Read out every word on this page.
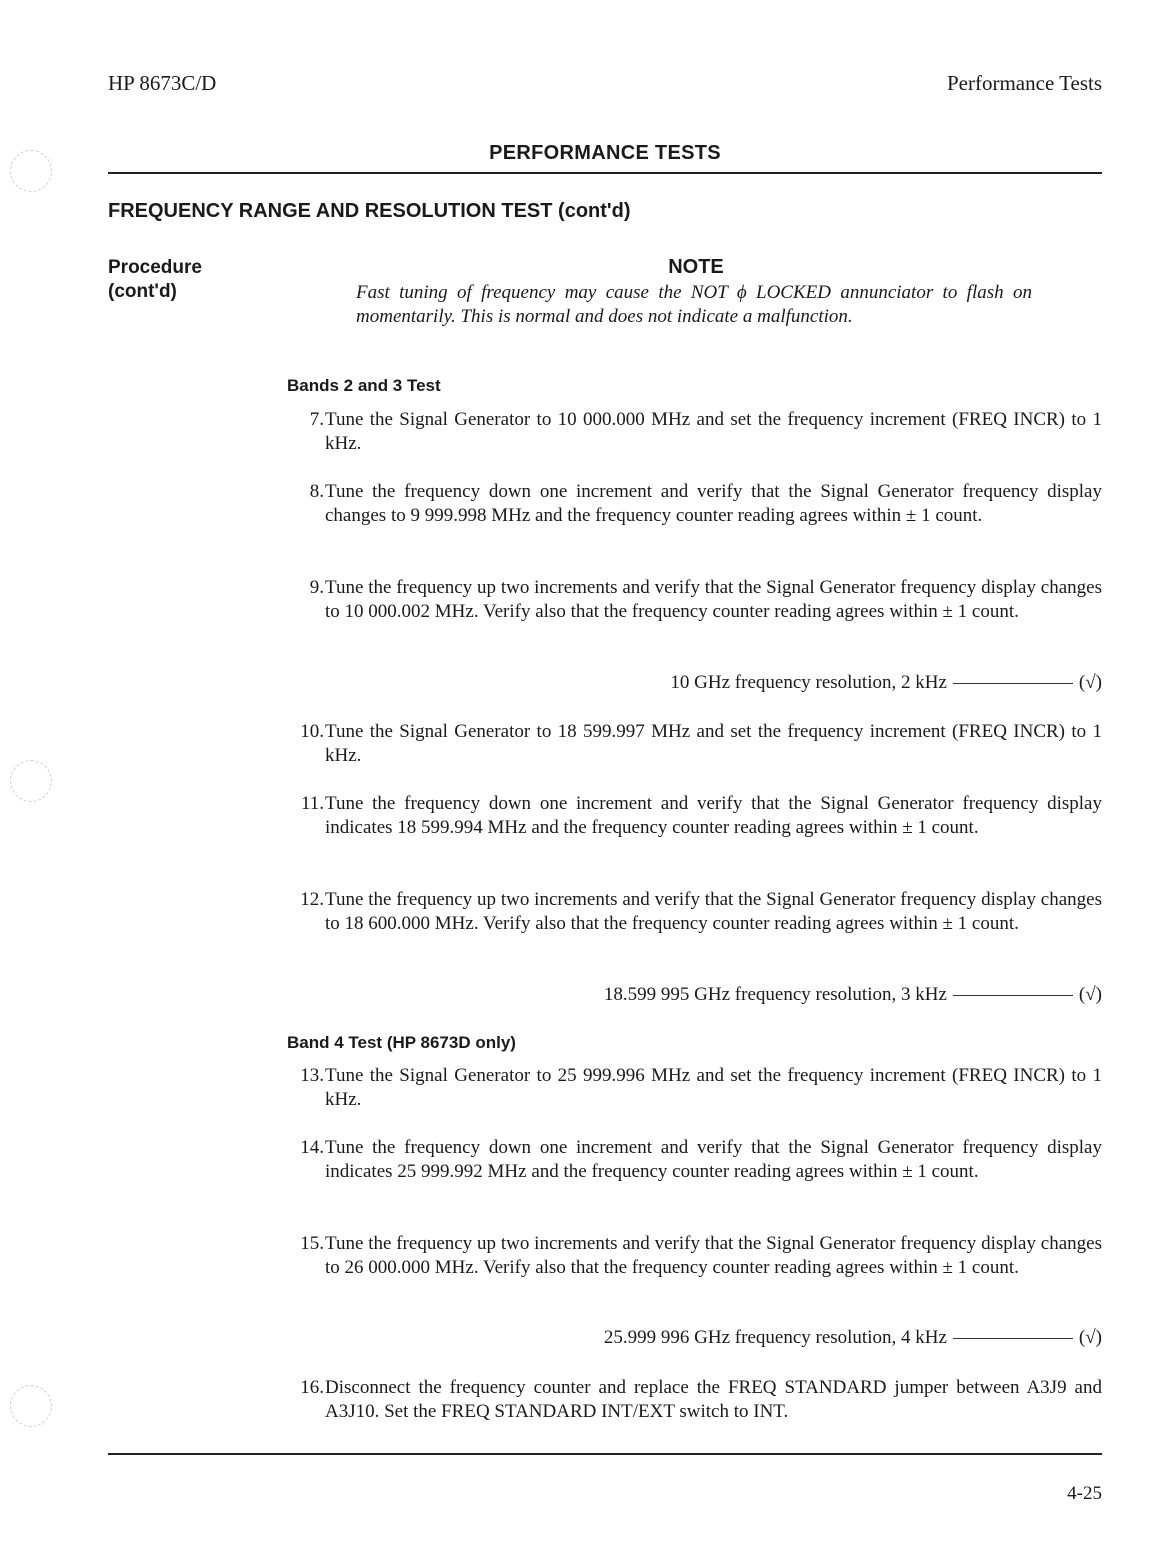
HP 8673C/D	Performance Tests
PERFORMANCE TESTS
FREQUENCY RANGE AND RESOLUTION TEST (cont'd)
Procedure
(cont'd)
NOTE
Fast tuning of frequency may cause the NOT ϕ LOCKED annunciator to flash on momentarily. This is normal and does not indicate a malfunction.
Bands 2 and 3 Test
7. Tune the Signal Generator to 10 000.000 MHz and set the frequency increment (FREQ INCR) to 1 kHz.
8. Tune the frequency down one increment and verify that the Signal Generator frequency display changes to 9 999.998 MHz and the frequency counter reading agrees within ± 1 count.
9. Tune the frequency up two increments and verify that the Signal Generator frequency display changes to 10 000.002 MHz. Verify also that the frequency counter reading agrees within ± 1 count.
10 GHz frequency resolution, 2 kHz	(√)
10. Tune the Signal Generator to 18 599.997 MHz and set the frequency increment (FREQ INCR) to 1 kHz.
11. Tune the frequency down one increment and verify that the Signal Generator frequency display indicates 18 599.994 MHz and the frequency counter reading agrees within ± 1 count.
12. Tune the frequency up two increments and verify that the Signal Generator frequency display changes to 18 600.000 MHz. Verify also that the frequency counter reading agrees within ± 1 count.
18.599 995 GHz frequency resolution, 3 kHz	(√)
Band 4 Test (HP 8673D only)
13. Tune the Signal Generator to 25 999.996 MHz and set the frequency increment (FREQ INCR) to 1 kHz.
14. Tune the frequency down one increment and verify that the Signal Generator frequency display indicates 25 999.992 MHz and the frequency counter reading agrees within ± 1 count.
15. Tune the frequency up two increments and verify that the Signal Generator frequency display changes to 26 000.000 MHz. Verify also that the frequency counter reading agrees within ± 1 count.
25.999 996 GHz frequency resolution, 4 kHz	(√)
16. Disconnect the frequency counter and replace the FREQ STANDARD jumper between A3J9 and A3J10. Set the FREQ STANDARD INT/EXT switch to INT.
4-25
